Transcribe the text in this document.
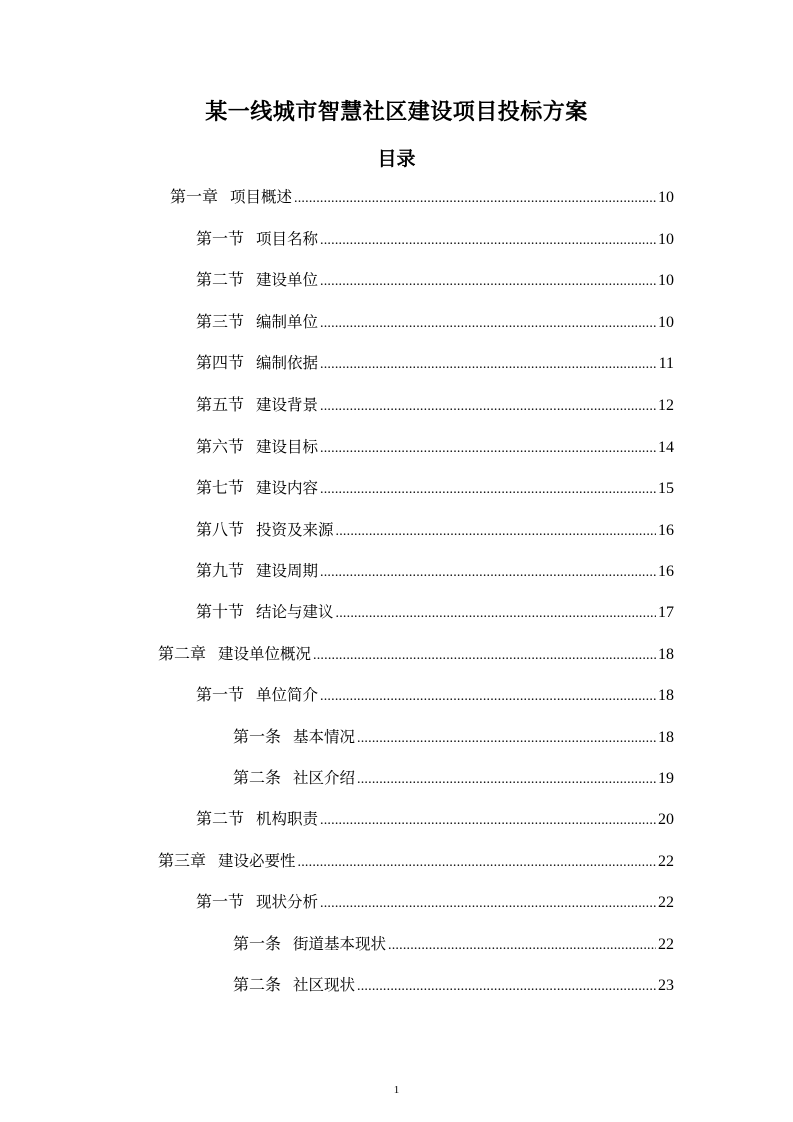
某一线城市智慧社区建设项目投标方案
目录
第一章 项目概述 .....	10
第一节 项目名称 .....	10
第二节 建设单位 .....	10
第三节 编制单位 .....	10
第四节 编制依据 .....	11
第五节 建设背景 .....	12
第六节 建设目标 .....	14
第七节 建设内容 .....	15
第八节 投资及来源 .....	16
第九节 建设周期 .....	16
第十节 结论与建议 .....	17
第二章 建设单位概况 .....	18
第一节 单位简介 .....	18
第一条 基本情况 .....	18
第二条 社区介绍 .....	19
第二节 机构职责 .....	20
第三章 建设必要性 .....	22
第一节 现状分析 .....	22
第一条 街道基本现状 .....	22
第二条 社区现状 .....	23
1
